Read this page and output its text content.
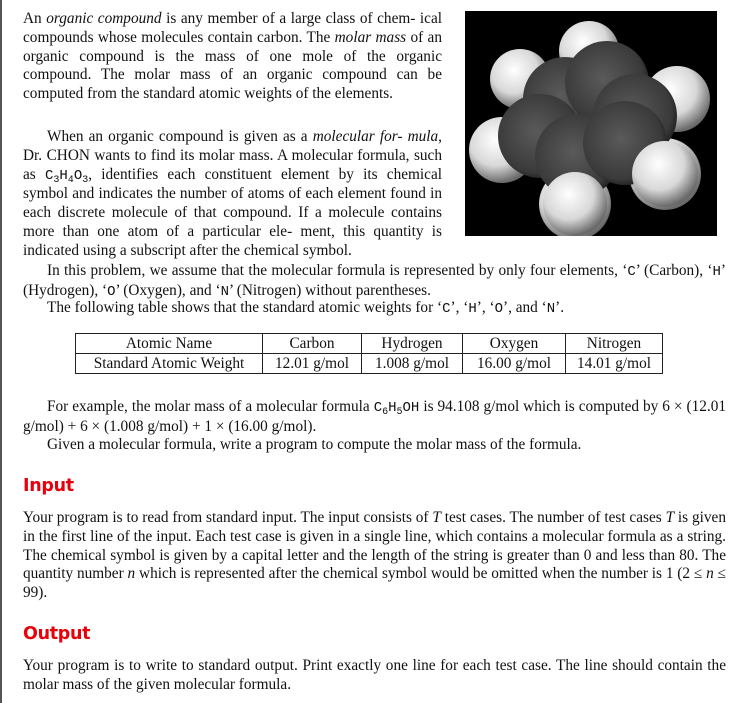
An organic compound is any member of a large class of chem- ical compounds whose molecules contain carbon. The molar mass of an organic compound is the mass of one mole of the organic compound. The molar mass of an organic compound can be computed from the standard atomic weights of the elements.

When an organic compound is given as a molecular for- mula, Dr. CHON wants to find its molar mass. A molecular formula, such as $C_3H_4O_3$, identifies each constituent element by its chemical symbol and indicates the number of atoms of each element found in each discrete molecule of that compound. If a molecule contains more than one atom of a particular ele- ment, this quantity is indicated using a subscript after the chemical symbol.

In this problem, we assume that the molecular formula is represented by only four elements, ‘C’ (Carbon), ‘H’ (Hydrogen), ‘O’ (Oxygen), and ‘N’ (Nitrogen) without parentheses.

The following table shows that the standard atomic weights for ‘C’, ‘H’, ‘O’, and ‘N’.

Atomic Name	Carbon	Hydrogen	Oxygen	Nitrogen
Standard Atomic Weight	12.01 g/mol	1.008 g/mol	16.00 g/mol	14.01 g/mol

For example, the molar mass of a molecular formula $C_6H_5OH$ is 94.108 g/mol which is computed by 6 × (12.01 g/mol) + 6 × (1.008 g/mol) + 1 × (16.00 g/mol).

Given a molecular formula, write a program to compute the molar mass of the formula.

Input

Your program is to read from standard input. The input consists of T test cases. The number of test cases T is given in the first line of the input. Each test case is given in a single line, which contains a molecular formula as a string. The chemical symbol is given by a capital letter and the length of the string is greater than 0 and less than 80. The quantity number n which is represented after the chemical symbol would be omitted when the number is 1 (2 ≤ n ≤ 99).

Output

Your program is to write to standard output. Print exactly one line for each test case. The line should contain the molar mass of the given molecular formula.
